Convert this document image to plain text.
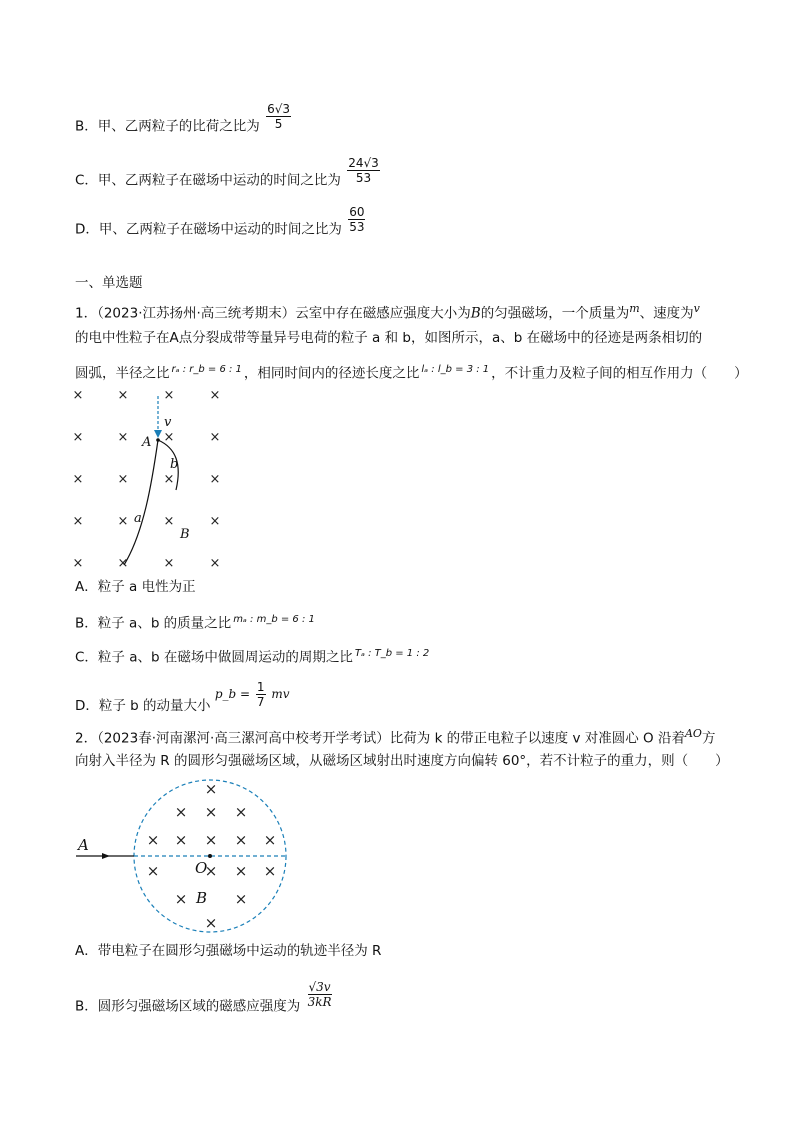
B．甲、乙两粒子的比荷之比为 $\frac{6√3}{5}$
C．甲、乙两粒子在磁场中运动的时间之比为 $\frac{24√3}{53}$
D．甲、乙两粒子在磁场中运动的时间之比为 $\frac{60}{53}$
一、单选题
1．（2023·江苏扬州·高三统考期末）云室中存在磁感应强度大小为B的匀强磁场，一个质量为$^m$、速度为$^v$
的电中性粒子在A点分裂成带等量异号电荷的粒子 a 和 b，如图所示，a、b 在磁场中的径迹是两条相切的
圆弧，半径之比 $^{r_a : r\_b = 6 : 1}$ ，相同时间内的径迹长度之比 $^{l_a : l\_b = 3 : 1}$ ，不计重力及粒子间的相互作用力（　　）
×	×	×	×
×	×	×	×
×	×	×	×
×	×	×	×
×	×	×	×
v
A
b
a
B
A．粒子 a 电性为正
B．粒子 a、b 的质量之比 $^{m_a : m\_b = 6 : 1}$
C．粒子 a、b 在磁场中做圆周运动的周期之比 $^{T_a : T\_b = 1 : 2}$
D．粒子 b 的动量大小 p_b = $\frac{1}{7}$ mv
2．（2023春·河南漯河·高三漯河高中校考开学考试）比荷为 k 的带正电粒子以速度 v 对准圆心 O 沿着$^{AO}$方
向射入半径为 R 的圆形匀强磁场区域，从磁场区域射出时速度方向偏转 60°，若不计粒子的重力，则（　　）
×
× × ×
× × × × ×
×	× × ×
×	×
×
A
O
B
A．带电粒子在圆形匀强磁场中运动的轨迹半径为 R
B．圆形匀强磁场区域的磁感应强度为 $\frac{√3v}{3kR}$
